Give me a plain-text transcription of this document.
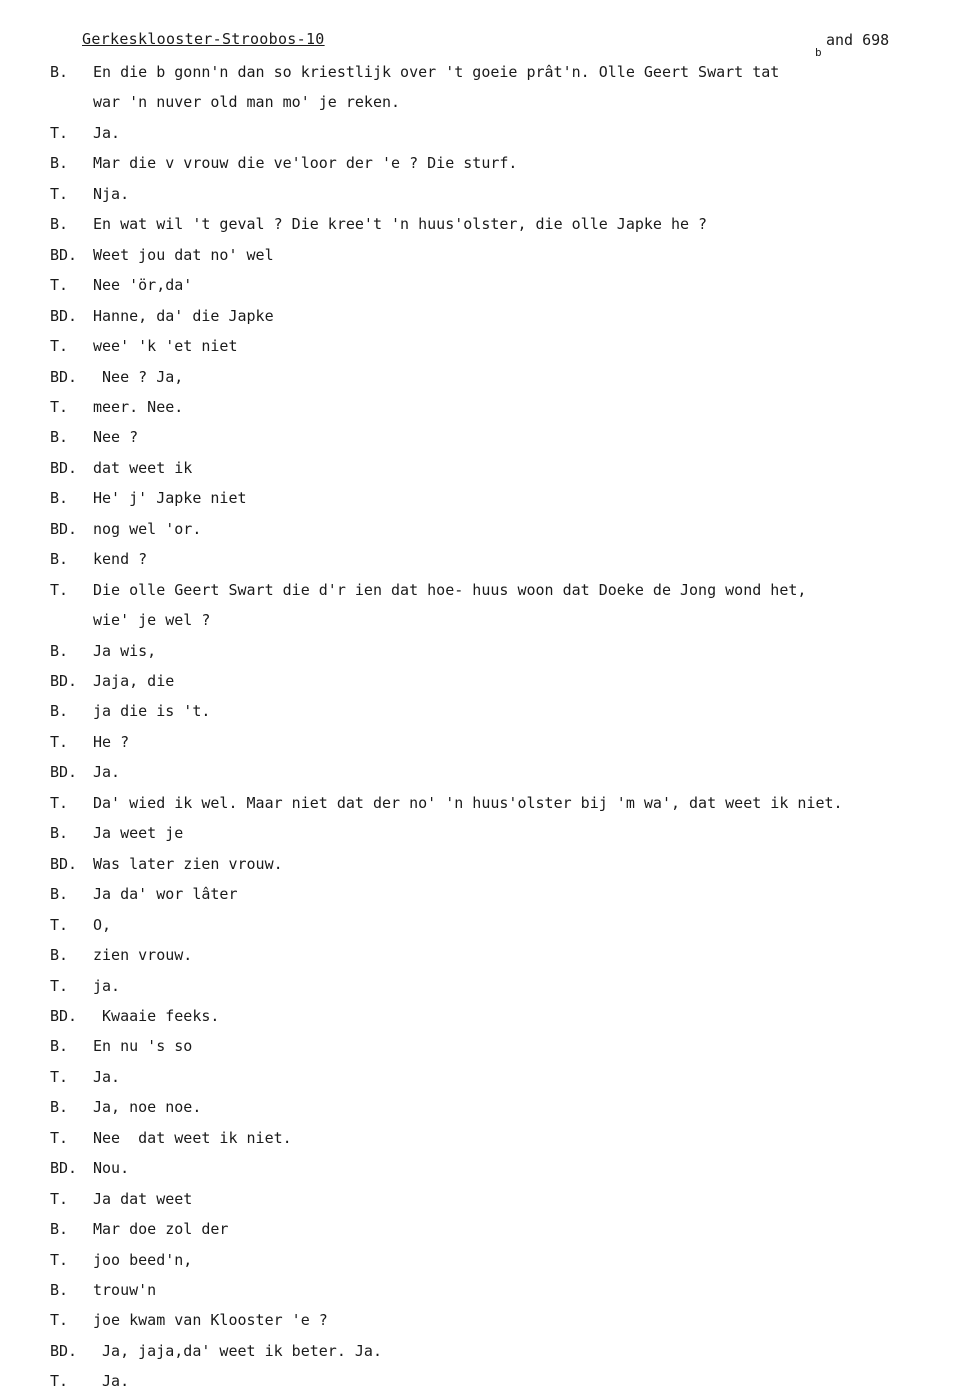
Gerkesklooster-Stroobos-10
b
and 698
B. En die b gonn'n dan so kriestlijk over 't goeie prât'n. Olle Geert Swart tat
war 'n nuver old man mo' je reken.
T. Ja.
B. Mar die v vrouw die ve'loor der 'e ? Die sturf.
T. Nja.
B. En wat wil 't geval ? Die kree't 'n huus'olster, die olle Japke he ?
BD. Weet jou dat no' wel
T. Nee 'ör,da'
BD. Hanne, da' die Japke
T. wee' 'k 'et niet
BD. Nee ? Ja,
T. meer. Nee.
B. Nee ?
BD. dat weet ik
B. He' j' Japke niet
BD. nog wel 'or.
B. kend ?
T. Die olle Geert Swart die d'r ien dat hoe- huus woon dat Doeke de Jong wond het,
wie' je wel ?
B. Ja wis,
BD. Jaja, die
B. ja die is 't.
T. He ?
BD. Ja.
T. Da' wied ik wel. Maar niet dat der no' 'n huus'olster bij 'm wa', dat weet ik niet.
B. Ja weet je
BD. Was later zien vrouw.
B. Ja da' wor lâter
T. O,
B. zien vrouw.
T. ja.
BD. Kwaaie feeks.
B. En nu 's so
T. Ja.
B. Ja, noe noe.
T. Nee  dat weet ik niet.
BD. Nou.
T. Ja dat weet
B. Mar doe zol der
T. joo beed'n,
B. trouw'n
T. joe kwam van Klooster 'e ?
BD. Ja, jaja,da' weet ik beter. Ja.
T. Ja.
